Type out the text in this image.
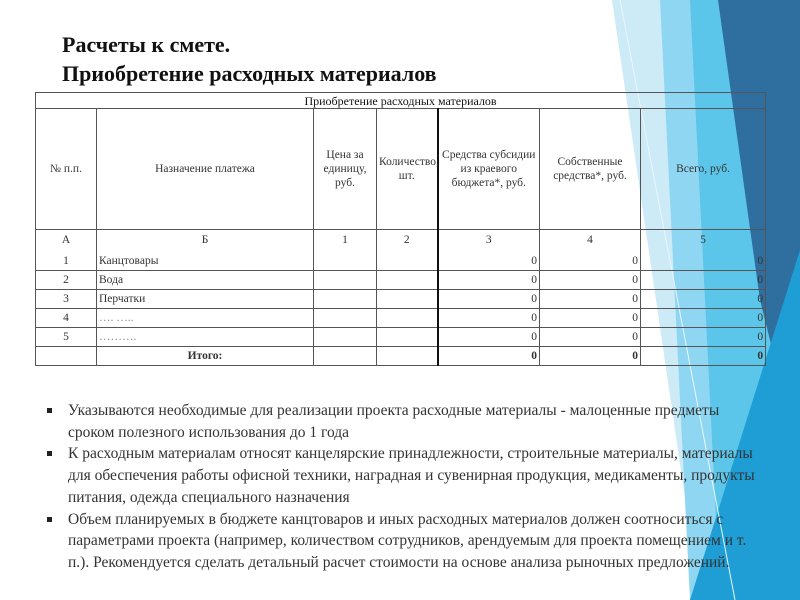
Расчеты к смете.
Приобретение расходных материалов
Приобретение расходных материалов						
№ п.п.	Назначение платежа	Цена за единицу, руб.	Количество, шт.	Средства субсидии из краевого бюджета*, руб.	Собственные средства*, руб.	Всего, руб.
А	Б	1	2	3	4	5
1	Канцтовары			0	0	0
2	Вода			0	0	0
3	Перчатки			0	0	0
4	…. …..			0	0	0
5	……….			0	0	0
	Итого:			0	0	0
Указываются необходимые для реализации проекта расходные материалы - малоценные предметы сроком полезного использования до 1 года
К расходным материалам относят канцелярские принадлежности, строительные материалы, материалы для обеспечения работы офисной техники, наградная и сувенирная продукция, медикаменты, продукты питания, одежда специального назначения
Объем планируемых в бюджете канцтоваров и иных расходных материалов должен соотноситься с параметрами проекта (например, количеством сотрудников, арендуемым для проекта помещением и т. п.). Рекомендуется сделать детальный расчет стоимости на основе анализа рыночных предложений.
